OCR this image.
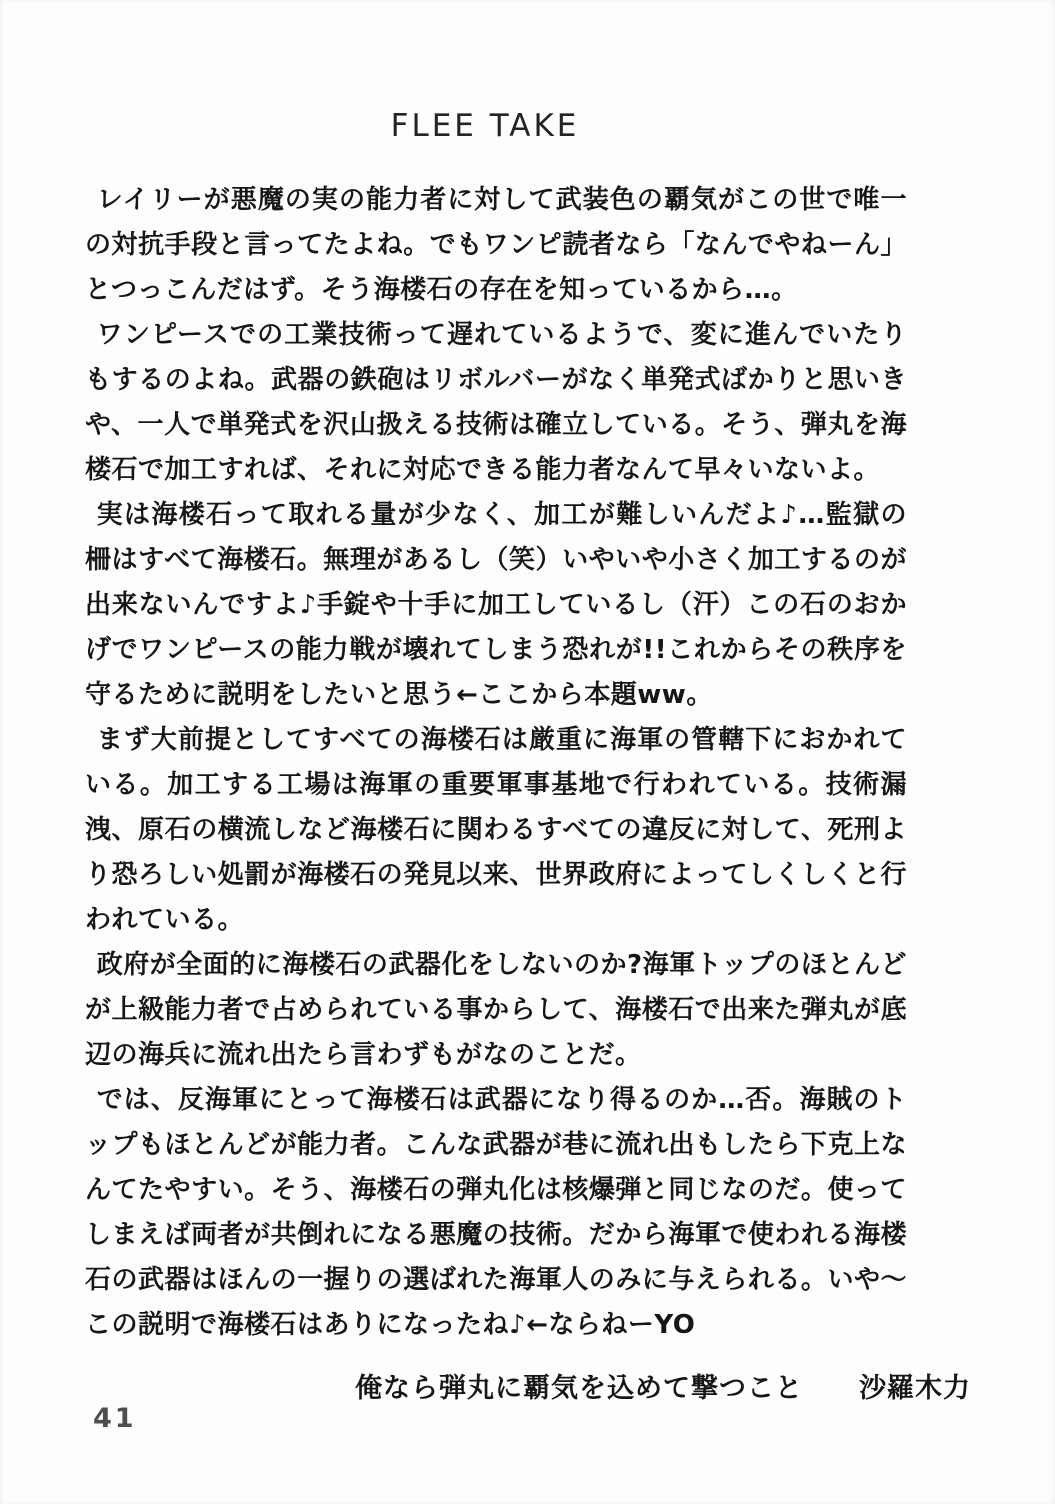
FLEE TAKE

レイリーが悪魔の実の能力者に対して武装色の覇気がこの世で唯一の対抗手段と言ってたよね。でもワンピ読者なら「なんでやねーん」とつっこんだはず。そう海楼石の存在を知っているから…。

ワンピースでの工業技術って遅れているようで、変に進んでいたりもするのよね。武器の鉄砲はリボルバーがなく単発式ばかりと思いきや、一人で単発式を沢山扱える技術は確立している。そう、弾丸を海楼石で加工すれば、それに対応できる能力者なんて早々いないよ。

実は海楼石って取れる量が少なく、加工が難しいんだよ♪…監獄の柵はすべて海楼石。無理があるし（笑）いやいや小さく加工するのが出来ないんですよ♪手錠や十手に加工しているし（汗）この石のおかげでワンピースの能力戦が壊れてしまう恐れが!!これからその秩序を守るために説明をしたいと思う←ここから本題ww。

まず大前提としてすべての海楼石は厳重に海軍の管轄下におかれている。加工する工場は海軍の重要軍事基地で行われている。技術漏洩、原石の横流しなど海楼石に関わるすべての違反に対して、死刑より恐ろしい処罰が海楼石の発見以来、世界政府によってしくしくと行われている。

政府が全面的に海楼石の武器化をしないのか?海軍トップのほとんどが上級能力者で占められている事からして、海楼石で出来た弾丸が底辺の海兵に流れ出たら言わずもがなのことだ。

では、反海軍にとって海楼石は武器になり得るのか…否。海賊のトップもほとんどが能力者。こんな武器が巷に流れ出もしたら下克上なんてたやすい。そう、海楼石の弾丸化は核爆弾と同じなのだ。使ってしまえば両者が共倒れになる悪魔の技術。だから海軍で使われる海楼石の武器はほんの一握りの選ばれた海軍人のみに与えられる。いや～この説明で海楼石はありになったね♪←ならねーYO

俺なら弾丸に覇気を込めて撃つこと　　沙羅木力
41
